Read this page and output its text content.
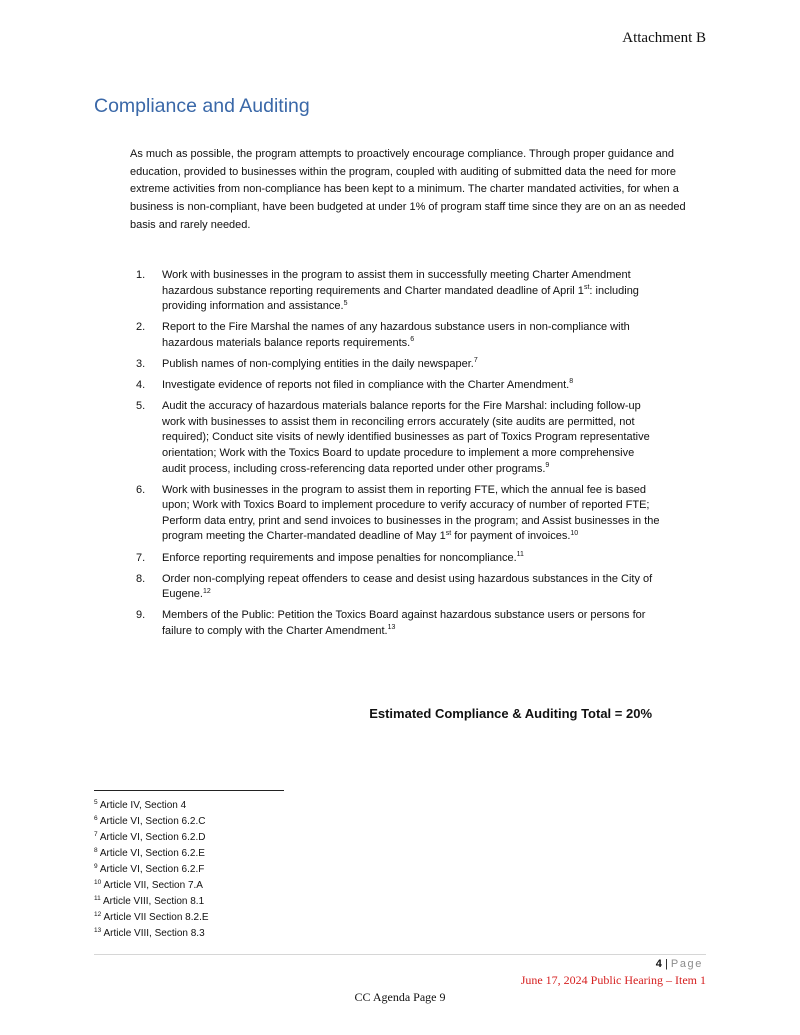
Attachment B
Compliance and Auditing

As much as possible, the program attempts to proactively encourage compliance. Through proper guidance and education, provided to businesses within the program, coupled with auditing of submitted data the need for more extreme activities from non-compliance has been kept to a minimum. The charter mandated activities, for when a business is non-compliant, have been budgeted at under 1% of program staff time since they are on an as needed basis and rarely needed.

1.	Work with businesses in the program to assist them in successfully meeting Charter Amendment hazardous substance reporting requirements and Charter mandated deadline of April 1st: including providing information and assistance.$^5$
2.	Report to the Fire Marshal the names of any hazardous substance users in non-compliance with hazardous materials balance reports requirements.$^6$
3.	Publish names of non-complying entities in the daily newspaper.$^7$
4.	Investigate evidence of reports not filed in compliance with the Charter Amendment.$^8$
5.	Audit the accuracy of hazardous materials balance reports for the Fire Marshal: including follow-up work with businesses to assist them in reconciling errors accurately (site audits are permitted, not required); Conduct site visits of newly identified businesses as part of Toxics Program representative orientation; Work with the Toxics Board to update procedure to implement a more comprehensive audit process, including cross-referencing data reported under other programs.$^9$
6.	Work with businesses in the program to assist them in reporting FTE, which the annual fee is based upon; Work with Toxics Board to implement procedure to verify accuracy of number of reported FTE; Perform data entry, print and send invoices to businesses in the program; and Assist businesses in the program meeting the Charter-mandated deadline of May 1st for payment of invoices.$^{10}$
7.	Enforce reporting requirements and impose penalties for noncompliance.$^{11}$
8.	Order non-complying repeat offenders to cease and desist using hazardous substances in the City of Eugene.$^{12}$
9.	Members of the Public: Petition the Toxics Board against hazardous substance users or persons for failure to comply with the Charter Amendment.$^{13}$
Estimated Compliance & Auditing Total = 20%
$^5$ Article IV, Section 4
$^6$ Article VI, Section 6.2.C
$^7$ Article VI, Section 6.2.D
$^8$ Article VI, Section 6.2.E
$^9$ Article VI, Section 6.2.F
$^{10}$ Article VII, Section 7.A
$^{11}$ Article VIII, Section 8.1
$^{12}$ Article VII Section 8.2.E
$^{13}$ Article VIII, Section 8.3
4 | Page
June 17, 2024 Public Hearing – Item 1
CC Agenda Page 9
